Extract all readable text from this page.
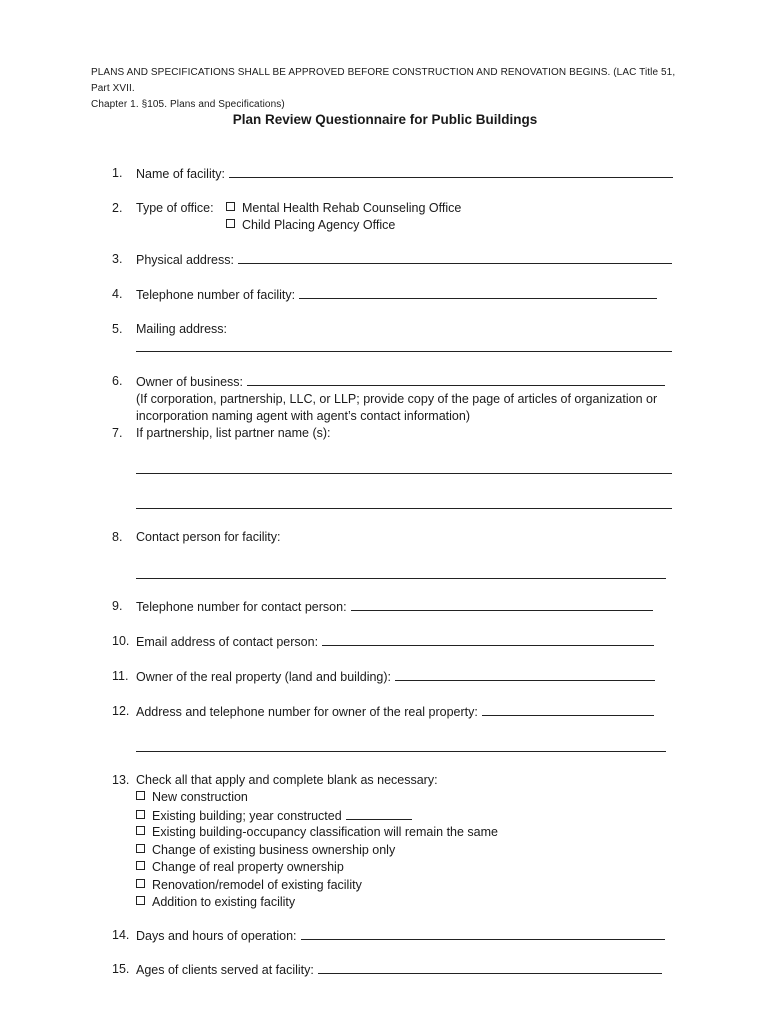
PLANS AND SPECIFICATIONS SHALL BE APPROVED BEFORE CONSTRUCTION AND RENOVATION BEGINS. (LAC Title 51, Part XVII.
Chapter 1. §105. Plans and Specifications)
Plan Review Questionnaire for Public Buildings
1. Name of facility:
2. Type of office:	Mental Health Rehab Counseling Office
Child Placing Agency Office
3. Physical address:
4. Telephone number of facility:
5. Mailing address:
6. Owner of business:
(If corporation, partnership, LLC, or LLP; provide copy of the page of articles of organization or
incorporation naming agent with agent’s contact information)
7. If partnership, list partner name (s):
8. Contact person for facility:
9. Telephone number for contact person:
10. Email address of contact person:
11. Owner of the real property (land and building):
12. Address and telephone number for owner of the real property:
13. Check all that apply and complete blank as necessary:
New construction
Existing building; year constructed
Existing building-occupancy classification will remain the same
Change of existing business ownership only
Change of real property ownership
Renovation/remodel of existing facility
Addition to existing facility
14. Days and hours of operation:
15. Ages of clients served at facility:
